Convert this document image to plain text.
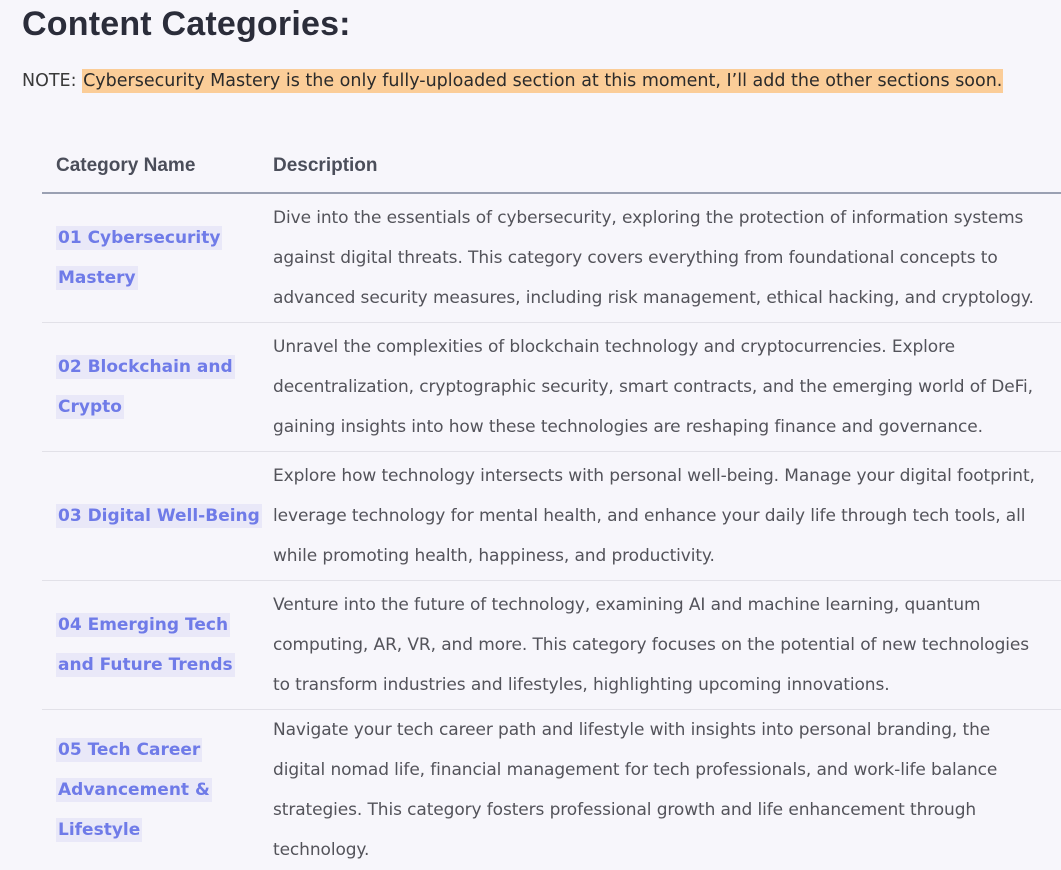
Content Categories:
NOTE: Cybersecurity Mastery is the only fully-uploaded section at this moment, I’ll add the other sections soon.
Category Name	Description
01 Cybersecurity Mastery	Dive into the essentials of cybersecurity, exploring the protection of information systems against digital threats. This category covers everything from foundational concepts to advanced security measures, including risk management, ethical hacking, and cryptology.
02 Blockchain and Crypto	Unravel the complexities of blockchain technology and cryptocurrencies. Explore decentralization, cryptographic security, smart contracts, and the emerging world of DeFi, gaining insights into how these technologies are reshaping finance and governance.
03 Digital Well-Being	Explore how technology intersects with personal well-being. Manage your digital footprint, leverage technology for mental health, and enhance your daily life through tech tools, all while promoting health, happiness, and productivity.
04 Emerging Tech and Future Trends	Venture into the future of technology, examining AI and machine learning, quantum computing, AR, VR, and more. This category focuses on the potential of new technologies to transform industries and lifestyles, highlighting upcoming innovations.
05 Tech Career Advancement & Lifestyle	Navigate your tech career path and lifestyle with insights into personal branding, the digital nomad life, financial management for tech professionals, and work-life balance strategies. This category fosters professional growth and life enhancement through technology.
